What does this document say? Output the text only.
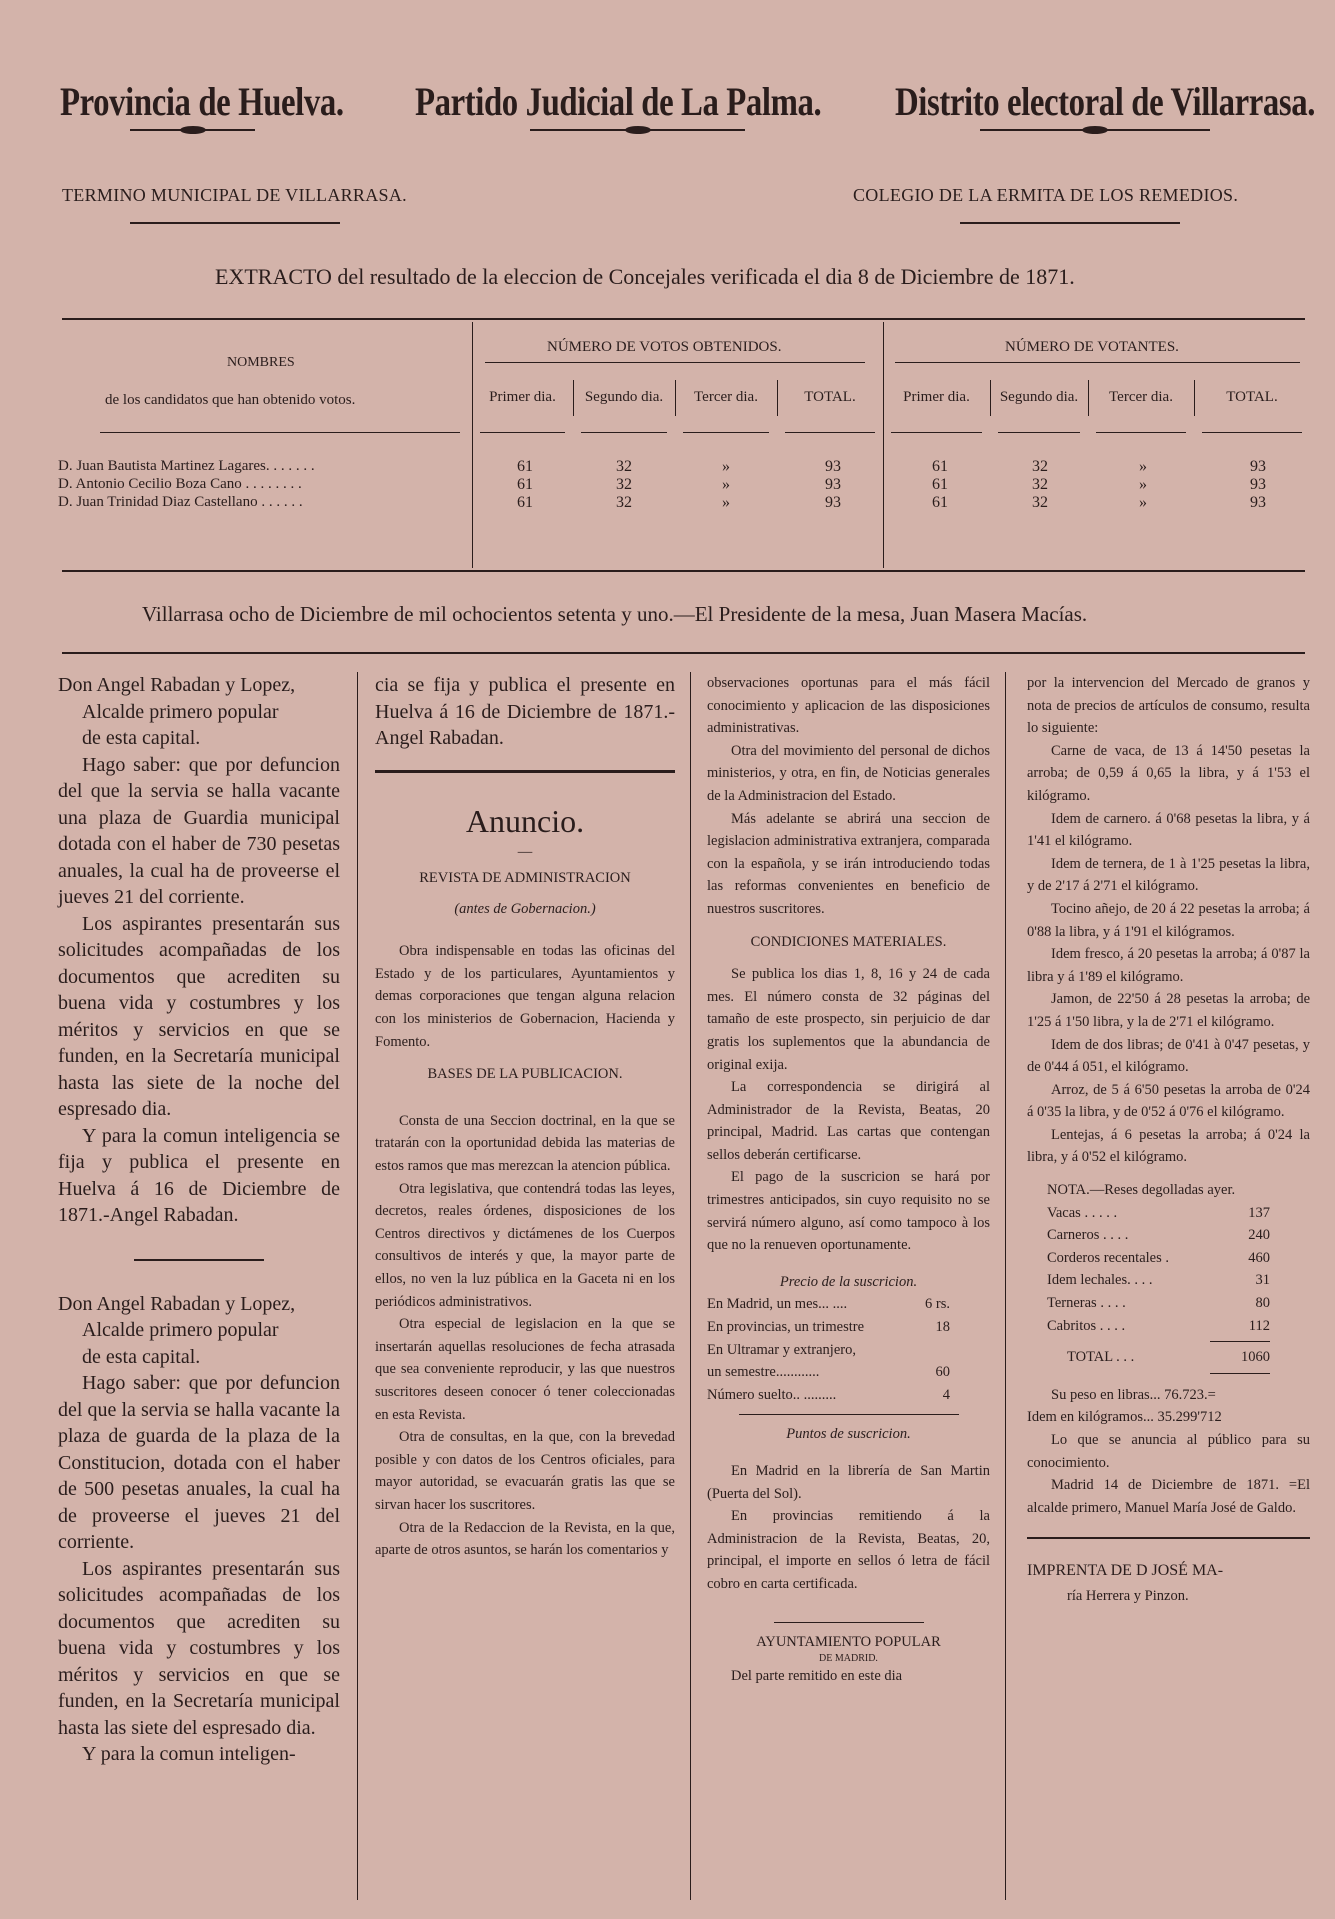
Provincia de Huelva. Partido Judicial de La Palma. Distrito electoral de Villarrasa.
TERMINO MUNICIPAL DE VILLARRASA.	COLEGIO DE LA ERMITA DE LOS REMEDIOS.
EXTRACTO del resultado de la eleccion de Concejales verificada el dia 8 de Diciembre de 1871.
NOMBRES
de los candidatos que han obtenido votos.
NÚMERO DE VOTOS OBTENIDOS.	NÚMERO DE VOTANTES.
Primer dia.	Segundo dia.	Tercer dia.	TOTAL.	Primer dia.	Segundo dia.	Tercer dia.	TOTAL.
D. Juan Bautista Martinez Lagares. . . . . . .	61	32	»	93	61	32	»	93
D. Antonio Cecilio Boza Cano . . . . . . . .	61	32	»	93	61	32	»	93
D. Juan Trinidad Diaz Castellano . . . . . .	61	32	»	93	61	32	»	93
Villarrasa ocho de Diciembre de mil ochocientos setenta y uno.—El Presidente de la mesa, Juan Masera Macías.

Don Angel Rabadan y Lopez,

Alcalde primero popular

de esta capital.

Hago saber: que por defuncion del que la servia se halla vacante una plaza de Guardia municipal dotada con el haber de 730 pesetas anuales, la cual ha de proveerse el jueves 21 del corriente.

Los aspirantes presentarán sus solicitudes acompañadas de los documentos que acrediten su buena vida y costumbres y los méritos y servicios en que se funden, en la Secretaría municipal hasta las siete de la noche del espresado dia.

Y para la comun inteligencia se fija y publica el presente en Huelva á 16 de Diciembre de 1871.-Angel Rabadan.

Don Angel Rabadan y Lopez,

Alcalde primero popular

de esta capital.

Hago saber: que por defuncion del que la servia se halla vacante la plaza de guarda de la plaza de la Constitucion, dotada con el haber de 500 pesetas anuales, la cual ha de proveerse el jueves 21 del corriente.

Los aspirantes presentarán sus solicitudes acompañadas de los documentos que acrediten su buena vida y costumbres y los méritos y servicios en que se funden, en la Secretaría municipal hasta las siete del espresado dia.

Y para la comun inteligen-

cia se fija y publica el presente en Huelva á 16 de Diciembre de 1871.-Angel Rabadan.

Anuncio.

—

REVISTA DE ADMINISTRACION

(antes de Gobernacion.)

Obra indispensable en todas las oficinas del Estado y de los particulares, Ayuntamientos y demas corporaciones que tengan alguna relacion con los ministerios de Gobernacion, Hacienda y Fomento.

BASES DE LA PUBLICACION.

Consta de una Seccion doctrinal, en la que se tratarán con la oportunidad debida las materias de estos ramos que mas merezcan la atencion pública.

Otra legislativa, que contendrá todas las leyes, decretos, reales órdenes, disposiciones de los Centros directivos y dictámenes de los Cuerpos consultivos de interés y que, la mayor parte de ellos, no ven la luz pública en la Gaceta ni en los periódicos administrativos.

Otra especial de legislacion en la que se insertarán aquellas resoluciones de fecha atrasada que sea conveniente reproducir, y las que nuestros suscritores deseen conocer ó tener coleccionadas en esta Revista.

Otra de consultas, en la que, con la brevedad posible y con datos de los Centros oficiales, para mayor autoridad, se evacuarán gratis las que se sirvan hacer los suscritores.

Otra de la Redaccion de la Revista, en la que, aparte de otros asuntos, se harán los comentarios y

observaciones oportunas para el más fácil conocimiento y aplicacion de las disposiciones administrativas.

Otra del movimiento del personal de dichos ministerios, y otra, en fin, de Noticias generales de la Administracion del Estado.

Más adelante se abrirá una seccion de legislacion administrativa extranjera, comparada con la española, y se irán introduciendo todas las reformas convenientes en beneficio de nuestros suscritores.

CONDICIONES MATERIALES.

Se publica los dias 1, 8, 16 y 24 de cada mes. El número consta de 32 páginas del tamaño de este prospecto, sin perjuicio de dar gratis los suplementos que la abundancia de original exija.

La correspondencia se dirigirá al Administrador de la Revista, Beatas, 20 principal, Madrid. Las cartas que contengan sellos deberán certificarse.

El pago de la suscricion se hará por trimestres anticipados, sin cuyo requisito no se servirá número alguno, así como tampoco à los que no la renueven oportunamente.

Precio de la suscricion.

En Madrid, un mes... ....	6 rs.
En provincias, un trimestre	18
En Ultramar y extranjero,
un semestre............	60
Número suelto.. .........	4

Puntos de suscricion.

En Madrid en la librería de San Martin (Puerta del Sol).

En provincias remitiendo á la Administracion de la Revista, Beatas, 20, principal, el importe en sellos ó letra de fácil cobro en carta certificada.

AYUNTAMIENTO POPULAR

DE MADRID.

Del parte remitido en este dia

por la intervencion del Mercado de granos y nota de precios de artículos de consumo, resulta lo siguiente:

Carne de vaca, de 13 á 14'50 pesetas la arroba; de 0,59 á 0,65 la libra, y á 1'53 el kilógramo.

Idem de carnero. á 0'68 pesetas la libra, y á 1'41 el kilógramo.

Idem de ternera, de 1 à 1'25 pesetas la libra, y de 2'17 á 2'71 el kilógramo.

Tocino añejo, de 20 á 22 pesetas la arroba; á 0'88 la libra, y á 1'91 el kilógramos.

Idem fresco, á 20 pesetas la arroba; á 0'87 la libra y á 1'89 el kilógramo.

Jamon, de 22'50 á 28 pesetas la arroba; de 1'25 á 1'50 libra, y la de 2'71 el kilógramo.

Idem de dos libras; de 0'41 à 0'47 pesetas, y de 0'44 á 051, el kilógramo.

Arroz, de 5 á 6'50 pesetas la arroba de 0'24 á 0'35 la libra, y de 0'52 á 0'76 el kilógramo.

Lentejas, á 6 pesetas la arroba; á 0'24 la libra, y á 0'52 el kilógramo.

NOTA.—Reses degolladas ayer.

Vacas . . . . .	137
Carneros . . . .	240
Corderos recentales .	460
Idem lechales. . . .	31
Terneras . . . .	80
Cabritos . . . .	112
TOTAL . . .	1060

Su peso en libras... 76.723.=

Idem en kilógramos... 35.299'712

Lo que se anuncia al público para su conocimiento.

Madrid 14 de Diciembre de 1871. =El alcalde primero, Manuel María José de Galdo.

IMPRENTA DE D JOSÉ MA-

ría Herrera y Pinzon.
